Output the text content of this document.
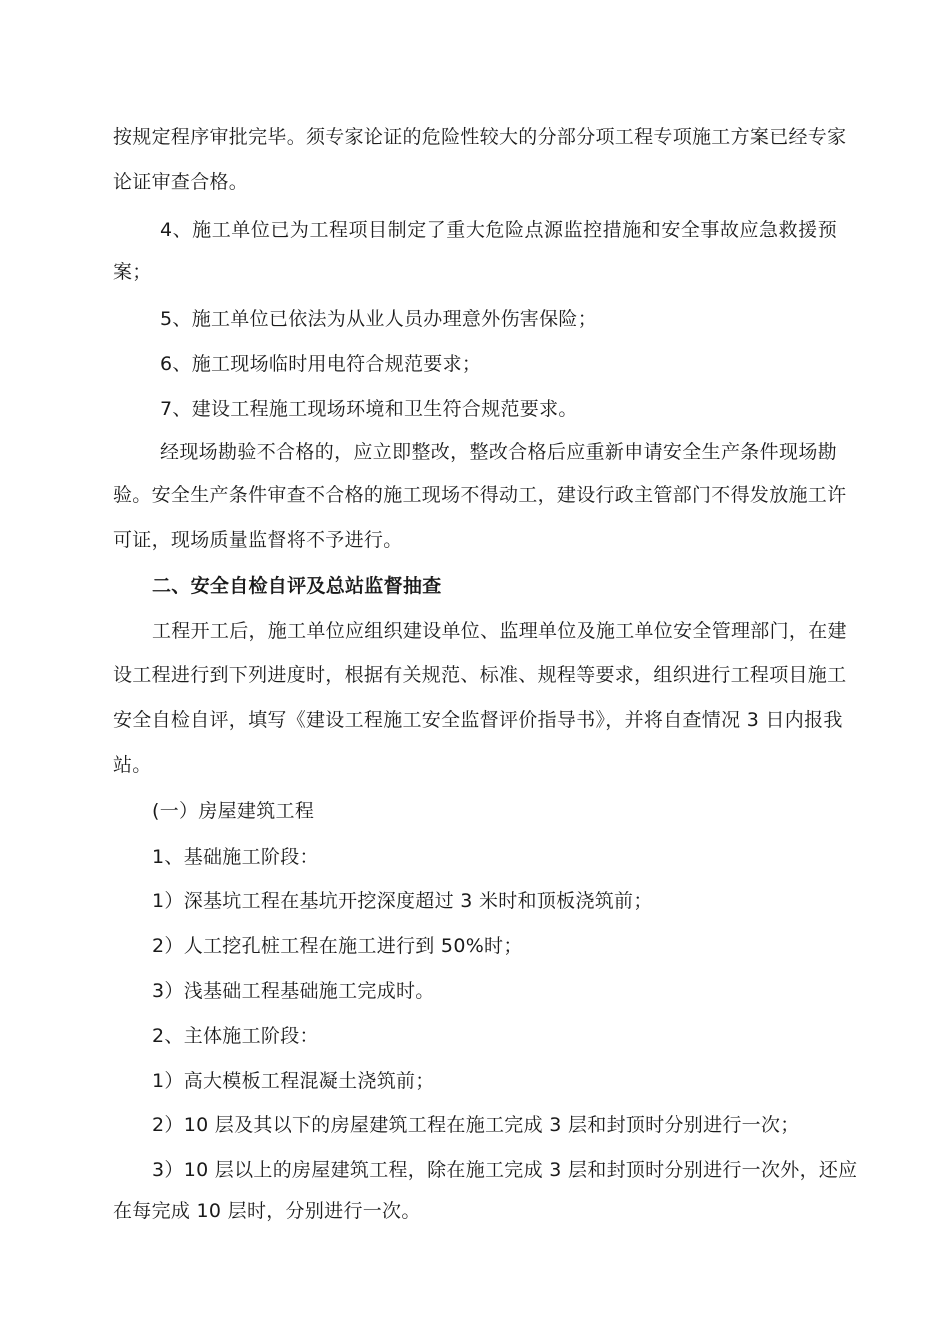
按规定程序审批完毕。须专家论证的危险性较大的分部分项工程专项施工方案已经专家
论证审查合格。
4、施工单位已为工程项目制定了重大危险点源监控措施和安全事故应急救援预
案；
5、施工单位已依法为从业人员办理意外伤害保险；
6、施工现场临时用电符合规范要求；
7、建设工程施工现场环境和卫生符合规范要求。
经现场勘验不合格的，应立即整改，整改合格后应重新申请安全生产条件现场勘
验。安全生产条件审查不合格的施工现场不得动工，建设行政主管部门不得发放施工许
可证，现场质量监督将不予进行。
二、安全自检自评及总站监督抽查
工程开工后，施工单位应组织建设单位、监理单位及施工单位安全管理部门，在建
设工程进行到下列进度时，根据有关规范、标准、规程等要求，组织进行工程项目施工
安全自检自评，填写《建设工程施工安全监督评价指导书》，并将自查情况 3 日内报我
站。
(一）房屋建筑工程
1、基础施工阶段：
1）深基坑工程在基坑开挖深度超过 3 米时和顶板浇筑前；
2）人工挖孔桩工程在施工进行到 50%时；
3）浅基础工程基础施工完成时。
2、主体施工阶段：
1）高大模板工程混凝土浇筑前；
2）10 层及其以下的房屋建筑工程在施工完成 3 层和封顶时分别进行一次；
3）10 层以上的房屋建筑工程，除在施工完成 3 层和封顶时分别进行一次外，还应
在每完成 10 层时，分别进行一次。
